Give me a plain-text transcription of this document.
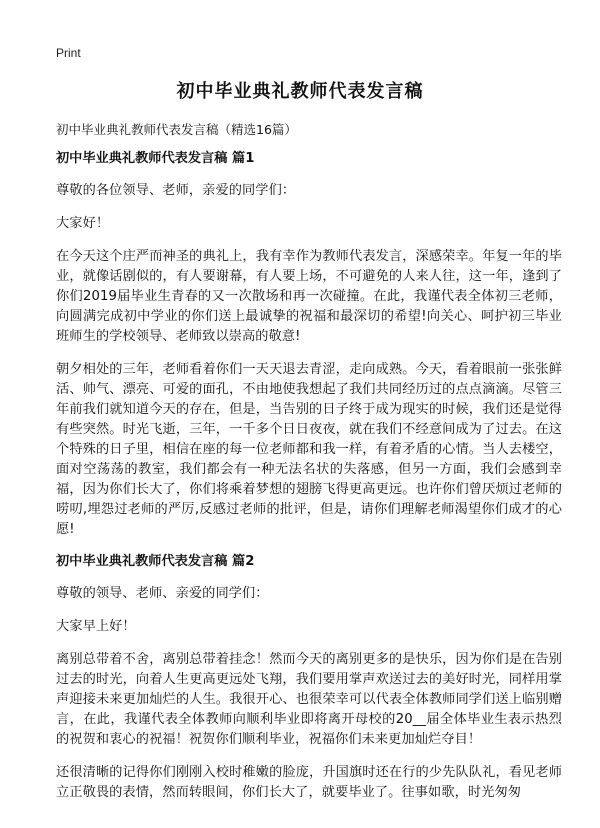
Print
初中毕业典礼教师代表发言稿

初中毕业典礼教师代表发言稿（精选16篇）

初中毕业典礼教师代表发言稿 篇1

尊敬的各位领导、老师，亲爱的同学们：

大家好！

在今天这个庄严而神圣的典礼上，我有幸作为教师代表发言，深感荣幸。年复一年的毕业，就像话剧似的，有人要谢幕，有人要上场，不可避免的人来人往，这一年，逢到了你们2019届毕业生青春的又一次散场和再一次碰撞。在此，我谨代表全体初三老师，向圆满完成初中学业的你们送上最诚挚的祝福和最深切的希望!向关心、呵护初三毕业班师生的学校领导、老师致以崇高的敬意!

朝夕相处的三年，老师看着你们一天天退去青涩，走向成熟。今天，看着眼前一张张鲜活、帅气、漂亮、可爱的面孔，不由地使我想起了我们共同经历过的点点滴滴。尽管三年前我们就知道今天的存在，但是，当告别的日子终于成为现实的时候，我们还是觉得有些突然。时光飞逝，三年，一千多个日日夜夜，就在我们不经意间成为了过去。在这个特殊的日子里，相信在座的每一位老师都和我一样，有着矛盾的心情。当人去楼空，面对空荡荡的教室，我们都会有一种无法名状的失落感，但另一方面，我们会感到幸福，因为你们长大了，你们将乘着梦想的翅膀飞得更高更远。也许你们曾厌烦过老师的唠叨,埋怨过老师的严厉,反感过老师的批评，但是，请你们理解老师渴望你们成才的心愿!

初中毕业典礼教师代表发言稿 篇2

尊敬的领导、老师、亲爱的同学们：

大家早上好！

离别总带着不舍，离别总带着挂念！然而今天的离别更多的是快乐，因为你们是在告别过去的时光，向着人生更高更远处飞翔，我们要用掌声欢送过去的美好时光，同样用掌声迎接未来更加灿烂的人生。我很开心、也很荣幸可以代表全体教师同学们送上临别赠言，在此，我谨代表全体教师向顺利毕业即将离开母校的20__届全体毕业生表示热烈的祝贺和衷心的祝福！祝贺你们顺利毕业，祝福你们未来更加灿烂夺目！

还很清晰的记得你们刚刚入校时稚嫩的脸庞，升国旗时还在行的少先队队礼，看见老师立正敬畏的表情，然而转眼间，你们长大了，就要毕业了。往事如歌，时光匆匆
